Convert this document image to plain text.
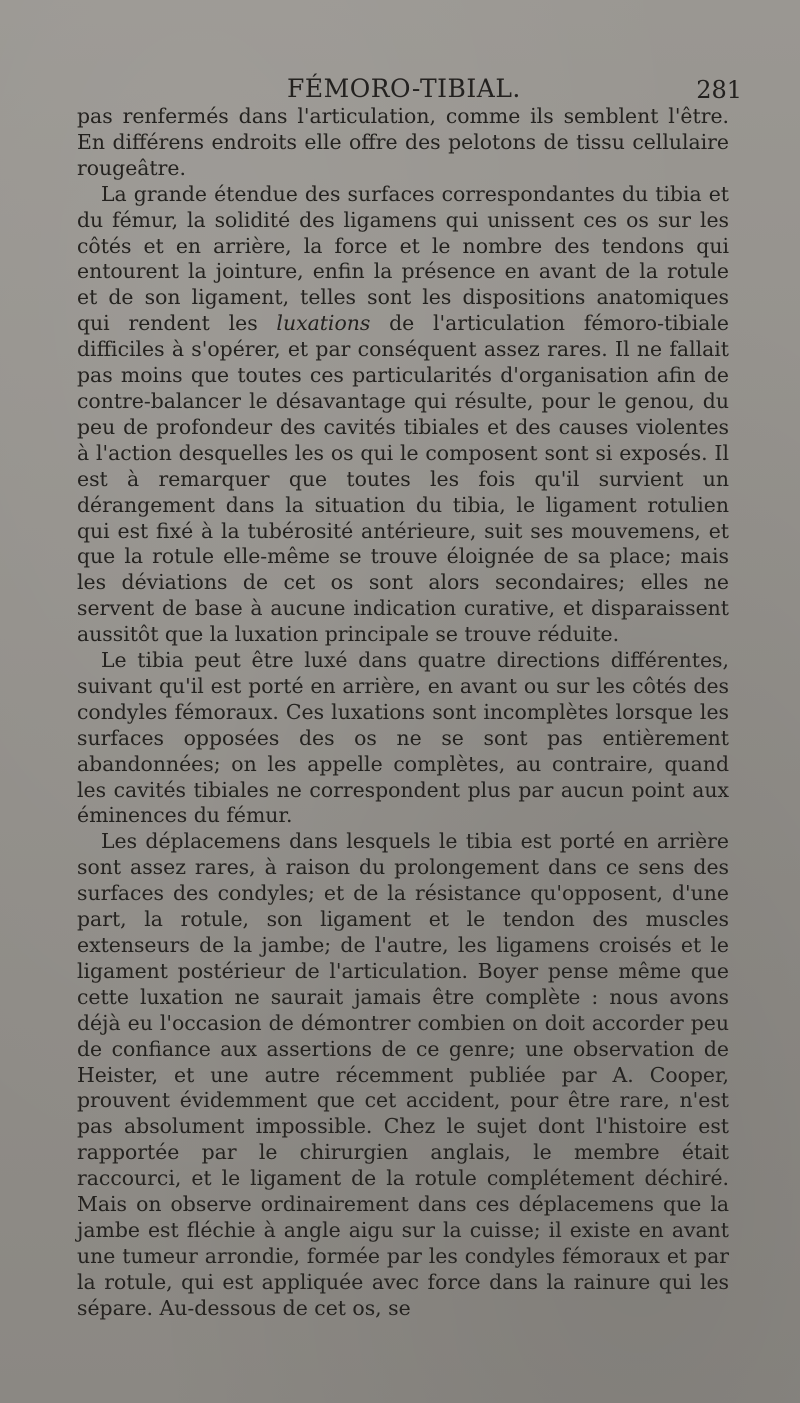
FÉMORO-TIBIAL.	281

pas renfermés dans l'articulation, comme ils semblent l'être. En différens endroits elle offre des pelotons de tissu cellulaire rougeâtre.

La grande étendue des surfaces correspondantes du tibia et du fémur, la solidité des ligamens qui unissent ces os sur les côtés et en arrière, la force et le nombre des tendons qui entourent la jointure, enfin la présence en avant de la rotule et de son ligament, telles sont les dispositions anatomiques qui rendent les luxations de l'articulation fémoro-tibiale difficiles à s'opérer, et par conséquent assez rares. Il ne fallait pas moins que toutes ces particularités d'organisation afin de contre-balancer le désavantage qui résulte, pour le genou, du peu de profondeur des cavités tibiales et des causes violentes à l'action desquelles les os qui le composent sont si exposés. Il est à remarquer que toutes les fois qu'il survient un dérangement dans la situation du tibia, le ligament rotulien qui est fixé à la tubérosité antérieure, suit ses mouvemens, et que la rotule elle-même se trouve éloignée de sa place; mais les déviations de cet os sont alors secondaires; elles ne servent de base à aucune indication curative, et disparaissent aussitôt que la luxation principale se trouve réduite.

Le tibia peut être luxé dans quatre directions différentes, suivant qu'il est porté en arrière, en avant ou sur les côtés des condyles fémoraux. Ces luxations sont incomplètes lorsque les surfaces opposées des os ne se sont pas entièrement abandonnées; on les appelle complètes, au contraire, quand les cavités tibiales ne correspondent plus par aucun point aux éminences du fémur.

Les déplacemens dans lesquels le tibia est porté en arrière sont assez rares, à raison du prolongement dans ce sens des surfaces des condyles; et de la résistance qu'opposent, d'une part, la rotule, son ligament et le tendon des muscles extenseurs de la jambe; de l'autre, les ligamens croisés et le ligament postérieur de l'articulation. Boyer pense même que cette luxation ne saurait jamais être complète : nous avons déjà eu l'occasion de démontrer combien on doit accorder peu de confiance aux assertions de ce genre; une observation de Heister, et une autre récemment publiée par A. Cooper, prouvent évidemment que cet accident, pour être rare, n'est pas absolument impossible. Chez le sujet dont l'histoire est rapportée par le chirurgien anglais, le membre était raccourci, et le ligament de la rotule complétement déchiré. Mais on observe ordinairement dans ces déplacemens que la jambe est fléchie à angle aigu sur la cuisse; il existe en avant une tumeur arrondie, formée par les condyles fémoraux et par la rotule, qui est appliquée avec force dans la rainure qui les sépare. Au-dessous de cet os, se
